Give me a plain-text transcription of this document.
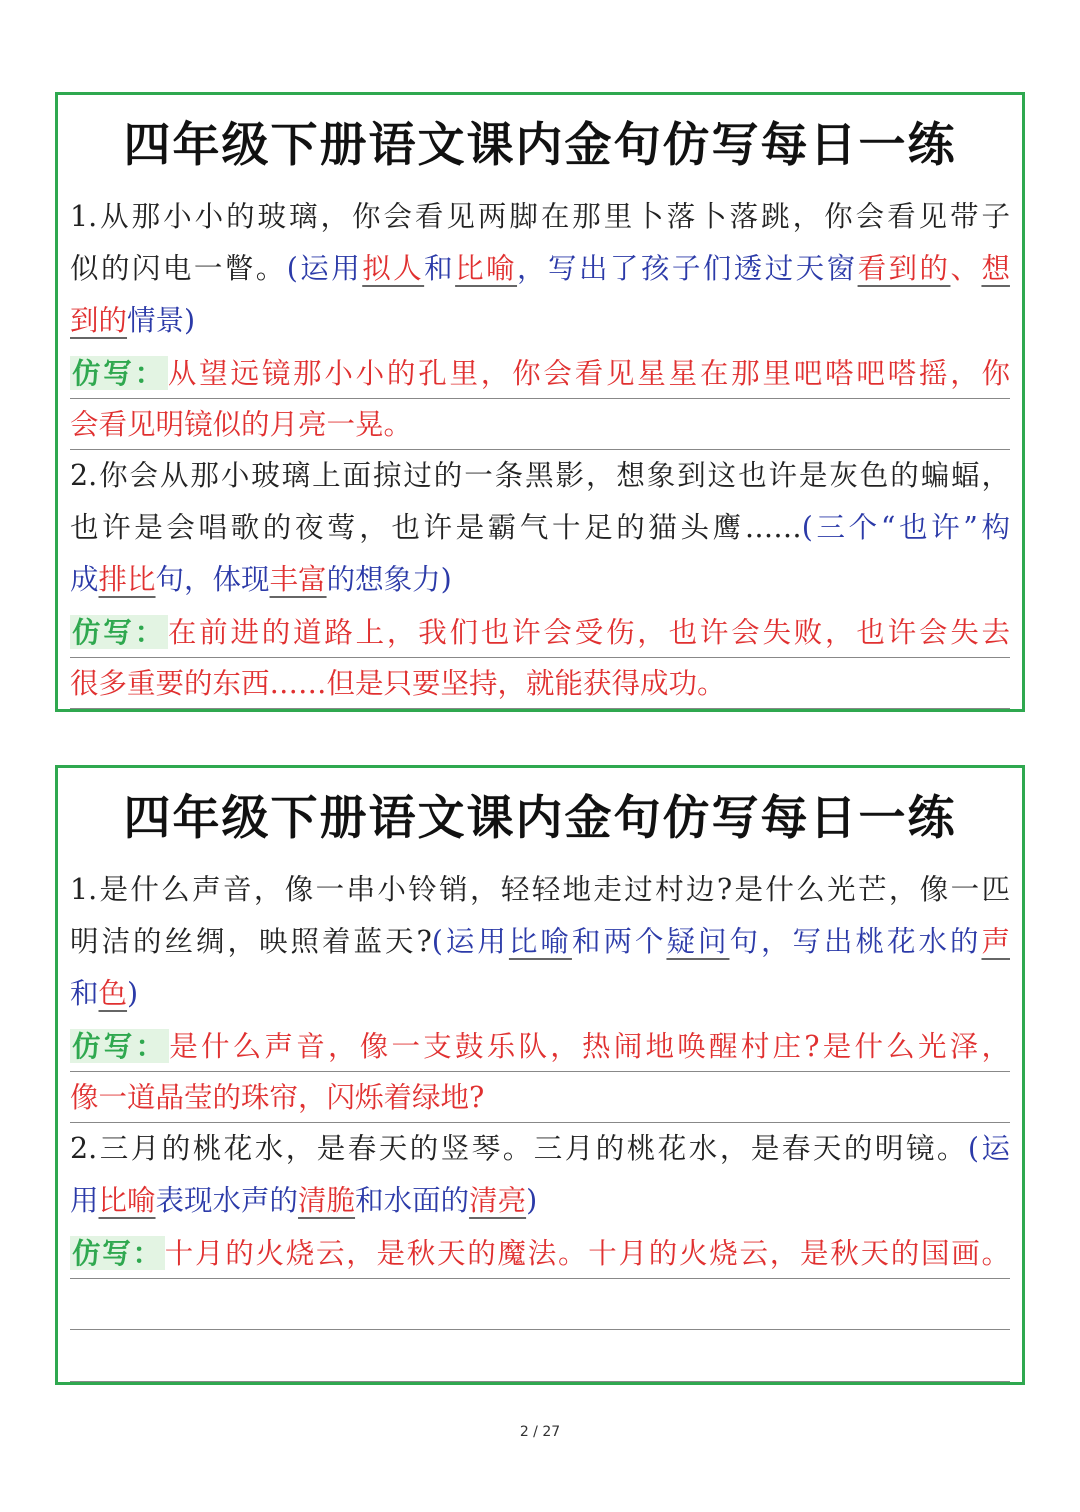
四年级下册语文课内金句仿写每日一练
1.从那小小的玻璃，你会看见两脚在那里卜落卜落跳，你会看见带子
似的闪电一瞥。(运用拟人和比喻，写出了孩子们透过天窗看到的、想
到的情景)
仿写：从望远镜那小小的孔里，你会看见星星在那里吧嗒吧嗒摇，你
会看见明镜似的月亮一晃。
2.你会从那小玻璃上面掠过的一条黑影，想象到这也许是灰色的蝙蝠，
也许是会唱歌的夜莺，也许是霸气十足的猫头鹰……(三个“也许”构
成排比句，体现丰富的想象力)
仿写：在前进的道路上，我们也许会受伤，也许会失败，也许会失去
很多重要的东西……但是只要坚持，就能获得成功。
四年级下册语文课内金句仿写每日一练
1.是什么声音，像一串小铃销，轻轻地走过村边?是什么光芒，像一匹
明洁的丝绸，映照着蓝天?(运用比喻和两个疑问句，写出桃花水的声
和色)
仿写：是什么声音，像一支鼓乐队，热闹地唤醒村庄?是什么光泽，
像一道晶莹的珠帘，闪烁着绿地?
2.三月的桃花水，是春天的竖琴。三月的桃花水，是春天的明镜。(运
用比喻表现水声的清脆和水面的清亮)
仿写：十月的火烧云，是秋天的魔法。十月的火烧云，是秋天的国画。
2 / 27
